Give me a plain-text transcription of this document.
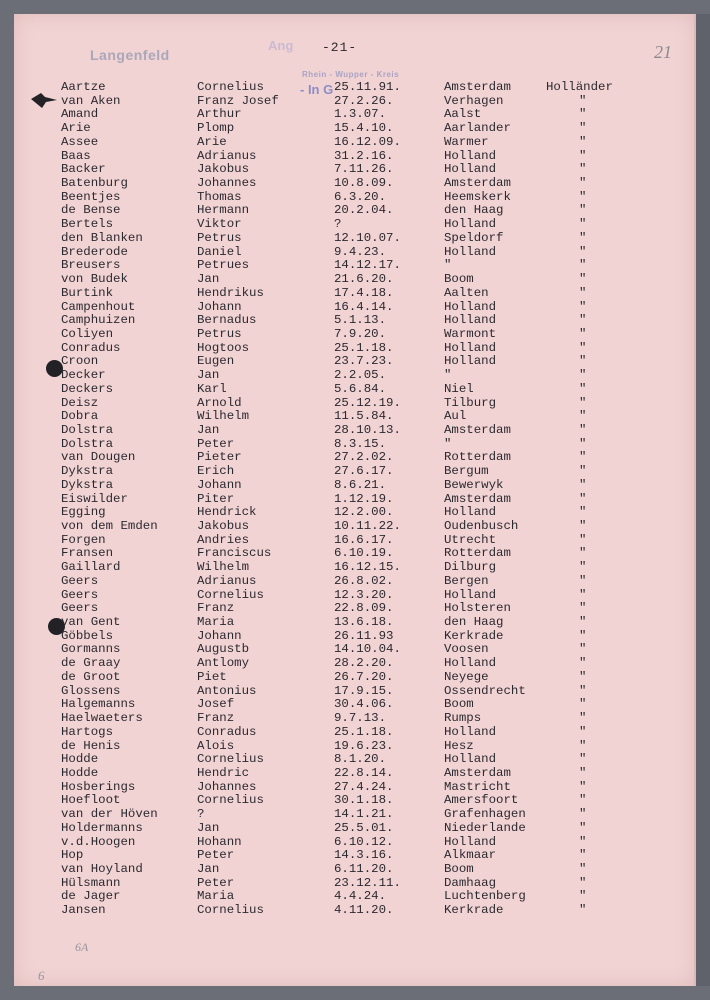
Langenfeld
Ang -21-
Rhein - Wupper - Kreis
- In G
21
Aartze	Cornelius	25.11.91.	Amsterdam	Holländer
van Aken	Franz Josef	27.2.26.	Verhagen	"
Amand	Arthur	1.3.07.	Aalst	"
Arie	Plomp	15.4.10.	Aarlander	"
Assee	Arie	16.12.09.	Warmer	"
Baas	Adrianus	31.2.16.	Holland	"
Backer	Jakobus	7.11.26.	Holland	"
Batenburg	Johannes	10.8.09.	Amsterdam	"
Beentjes	Thomas	6.3.20.	Heemskerk	"
de Bense	Hermann	20.2.04.	den Haag	"
Bertels	Viktor	?	Holland	"
den Blanken	Petrus	12.10.07.	Speldorf	"
Brederode	Daniel	9.4.23.	Holland	"
Breusers	Petrues	14.12.17.	"	"
von Budek	Jan	21.6.20.	Boom	"
Burtink	Hendrikus	17.4.18.	Aalten	"
Campenhout	Johann	16.4.14.	Holland	"
Camphuizen	Bernadus	5.1.13.	Holland	"
Coliyen	Petrus	7.9.20.	Warmont	"
Conradus	Hogtoos	25.1.18.	Holland	"
Croon	Eugen	23.7.23.	Holland	"
Decker	Jan	2.2.05.	"	"
Deckers	Karl	5.6.84.	Niel	"
Deisz	Arnold	25.12.19.	Tilburg	"
Dobra	Wilhelm	11.5.84.	Aul	"
Dolstra	Jan	28.10.13.	Amsterdam	"
Dolstra	Peter	8.3.15.	"	"
van Dougen	Pieter	27.2.02.	Rotterdam	"
Dykstra	Erich	27.6.17.	Bergum	"
Dykstra	Johann	8.6.21.	Bewerwyk	"
Eiswilder	Piter	1.12.19.	Amsterdam	"
Egging	Hendrick	12.2.00.	Holland	"
von dem Emden	Jakobus	10.11.22.	Oudenbusch	"
Forgen	Andries	16.6.17.	Utrecht	"
Fransen	Franciscus	6.10.19.	Rotterdam	"
Gaillard	Wilhelm	16.12.15.	Dilburg	"
Geers	Adrianus	26.8.02.	Bergen	"
Geers	Cornelius	12.3.20.	Holland	"
Geers	Franz	22.8.09.	Holsteren	"
van Gent	Maria	13.6.18.	den Haag	"
Göbbels	Johann	26.11.93	Kerkrade	"
Gormanns	Augustb	14.10.04.	Voosen	"
de Graay	Antlomy	28.2.20.	Holland	"
de Groot	Piet	26.7.20.	Neyege	"
Glossens	Antonius	17.9.15.	Ossendrecht	"
Halgemanns	Josef	30.4.06.	Boom	"
Haelwaeters	Franz	9.7.13.	Rumps	"
Hartogs	Conradus	25.1.18.	Holland	"
de Henis	Alois	19.6.23.	Hesz	"
Hodde	Cornelius	8.1.20.	Holland	"
Hodde	Hendric	22.8.14.	Amsterdam	"
Hosberings	Johannes	27.4.24.	Mastricht	"
Hoefloot	Cornelius	30.1.18.	Amersfoort	"
van der Höven	?	14.1.21.	Grafenhagen	"
Holdermanns	Jan	25.5.01.	Niederlande	"
v.d.Hoogen	Hohann	6.10.12.	Holland	"
Hop	Peter	14.3.16.	Alkmaar	"
van Hoyland	Jan	6.11.20.	Boom	"
Hülsmann	Peter	23.12.11.	Damhaag	"
de Jager	Maria	4.4.24.	Luchtenberg	"
Jansen	Cornelius	4.11.20.	Kerkrade	"
6A
6
